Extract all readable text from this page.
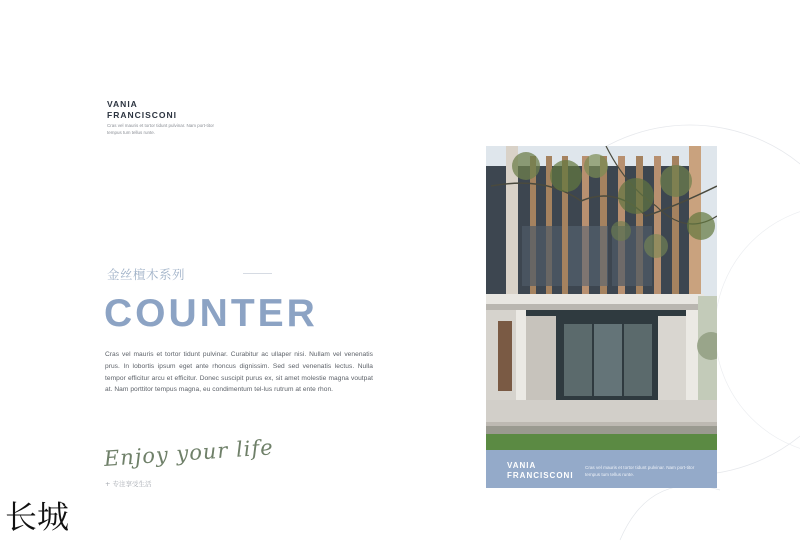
VANIA
FRANCISCONI
Cras vel mauris et tortor tidunt pulvinar. Nam port-titor tempus tum tellus runte.
金丝檀木系列
COUNTER
Cras vel mauris et tortor tidunt pulvinar. Curabitur ac ullaper nisi. Nullam vel venenatis prus. In lobortis ipsum eget ante rhoncus dignissim. Sed sed venenatis lectus. Nulla tempor efficitur arcu et efficitur. Donec suscipit purus ex, sit amet molestie magna voutpat at. Nam porttitor tempus magna, eu condimentum tel-lus rutrum at ente rhon.
Enjoy your life
+ 专注享受生活
VANIA
FRANCISCONI
Cras vel mauris et tortor tidunt pulvinar. Nam port-titor tempus tum tellus runte.
长城
